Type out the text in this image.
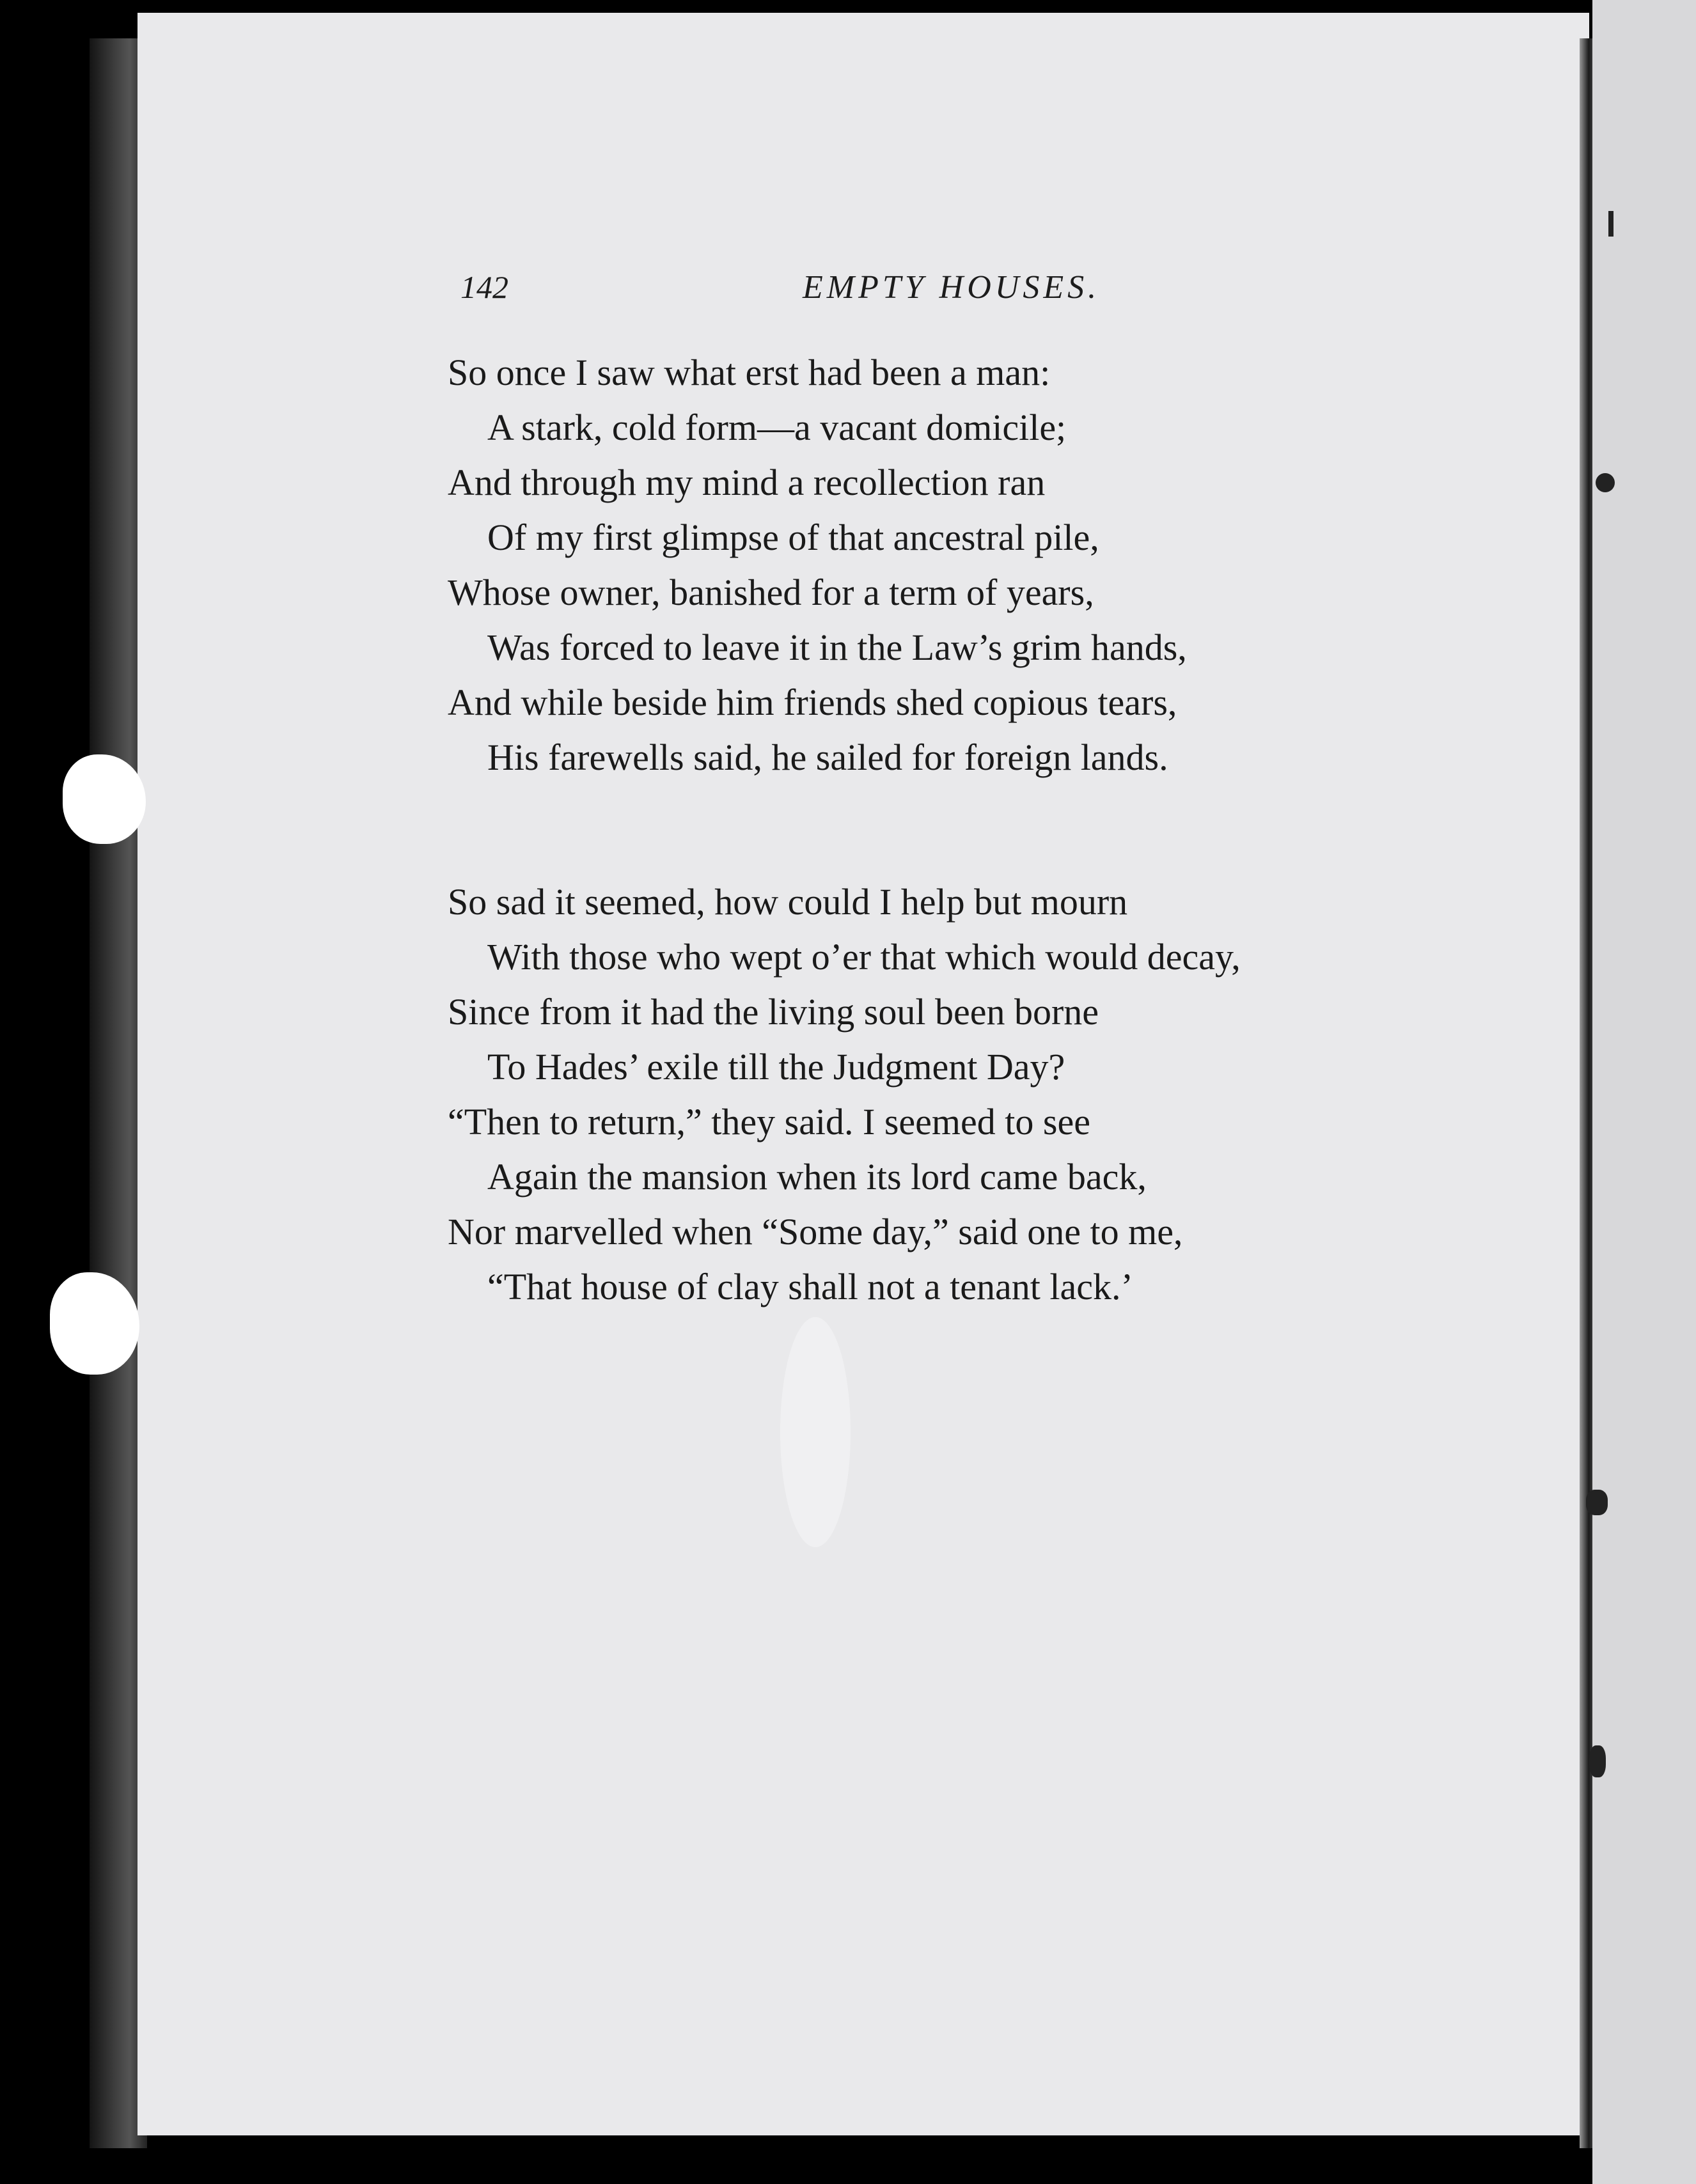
142	EMPTY HOUSES.
So once I saw what erst had been a man:
A stark, cold form—a vacant domicile;
And through my mind a recollection ran
Of my first glimpse of that ancestral pile,
Whose owner, banished for a term of years,
Was forced to leave it in the Law’s grim hands,
And while beside him friends shed copious tears,
His farewells said, he sailed for foreign lands.
So sad it seemed, how could I help but mourn
With those who wept o’er that which would decay,
Since from it had the living soul been borne
To Hades’ exile till the Judgment Day?
“Then to return,” they said. I seemed to see
Again the mansion when its lord came back,
Nor marvelled when “Some day,” said one to me,
“That house of clay shall not a tenant lack.’
